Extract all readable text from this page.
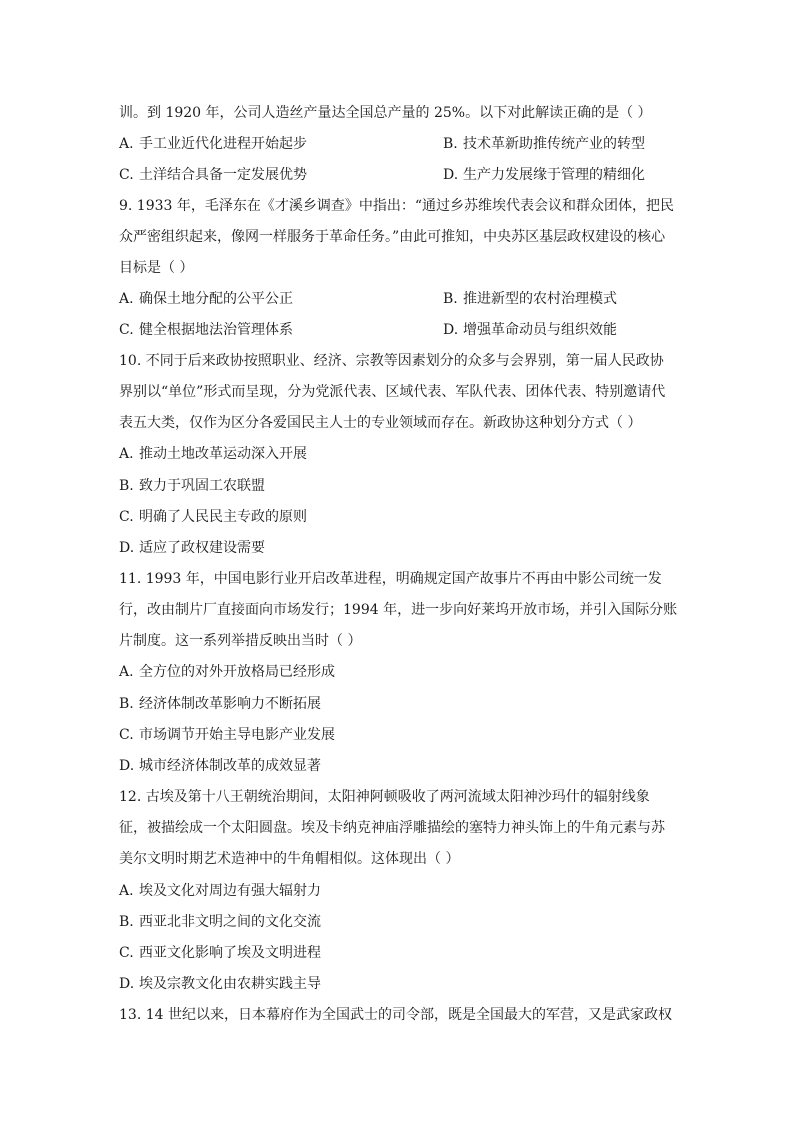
训。到 1920 年，公司人造丝产量达全国总产量的 25%。以下对此解读正确的是（ ）
A. 手工业近代化进程开始起步	B. 技术革新助推传统产业的转型
C. 土洋结合具备一定发展优势	D. 生产力发展缘于管理的精细化
9. 1933 年，毛泽东在《才溪乡调查》中指出：“通过乡苏维埃代表会议和群众团体，把民
众严密组织起来，像网一样服务于革命任务。”由此可推知，中央苏区基层政权建设的核心
目标是（ ）
A. 确保土地分配的公平公正	B. 推进新型的农村治理模式
C. 健全根据地法治管理体系	D. 增强革命动员与组织效能
10. 不同于后来政协按照职业、经济、宗教等因素划分的众多与会界别，第一届人民政协
界别以“单位”形式而呈现，分为党派代表、区域代表、军队代表、团体代表、特别邀请代
表五大类，仅作为区分各爱国民主人士的专业领域而存在。新政协这种划分方式（ ）
A. 推动土地改革运动深入开展
B. 致力于巩固工农联盟
C. 明确了人民民主专政的原则
D. 适应了政权建设需要
11. 1993 年，中国电影行业开启改革进程，明确规定国产故事片不再由中影公司统一发
行，改由制片厂直接面向市场发行；1994 年，进一步向好莱坞开放市场，并引入国际分账
片制度。这一系列举措反映出当时（ ）
A. 全方位的对外开放格局已经形成
B. 经济体制改革影响力不断拓展
C. 市场调节开始主导电影产业发展
D. 城市经济体制改革的成效显著
12. 古埃及第十八王朝统治期间，太阳神阿顿吸收了两河流域太阳神沙玛什的辐射线象
征，被描绘成一个太阳圆盘。埃及卡纳克神庙浮雕描绘的塞特力神头饰上的牛角元素与苏
美尔文明时期艺术造神中的牛角帽相似。这体现出（ ）
A. 埃及文化对周边有强大辐射力
B. 西亚北非文明之间的文化交流
C. 西亚文化影响了埃及文明进程
D. 埃及宗教文化由农耕实践主导
13. 14 世纪以来，日本幕府作为全国武士的司令部，既是全国最大的军营，又是武家政权
